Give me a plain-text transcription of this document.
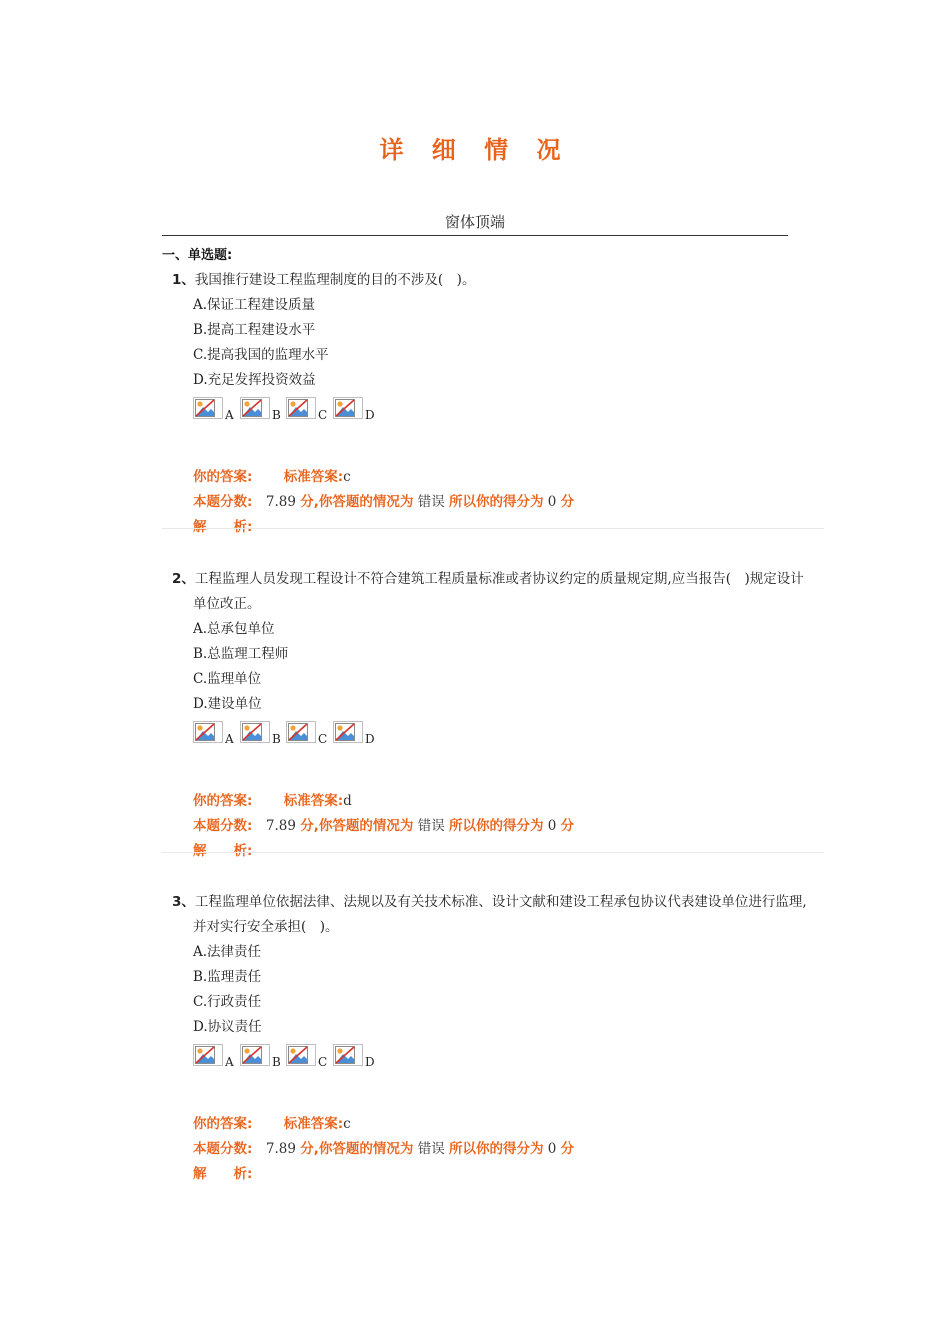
详 细 情 况
窗体顶端
一、单选题:
1、我国推行建设工程监理制度的目的不涉及(　)。
A.保证工程建设质量
B.提高工程建设水平
C.提高我国的监理水平
D.充足发挥投资效益
A	B	C	D
你的答案: 　　 标准答案:c
本题分数:　7.89 分,你答题的情况为 错误 所以你的得分为 0 分
解　　析:
2、工程监理人员发现工程设计不符合建筑工程质量标准或者协议约定的质量规定期,应当报告(　)规定设计单位改正。
A.总承包单位
B.总监理工程师
C.监理单位
D.建设单位
A	B	C	D
你的答案: 　　 标准答案:d
本题分数:　7.89 分,你答题的情况为 错误 所以你的得分为 0 分
解　　析:
3、工程监理单位依据法律、法规以及有关技术标准、设计文献和建设工程承包协议代表建设单位进行监理,并对实行安全承担(　)。
A.法律责任
B.监理责任
C.行政责任
D.协议责任
A	B	C	D
你的答案: 　　 标准答案:c
本题分数:　7.89 分,你答题的情况为 错误 所以你的得分为 0 分
解　　析:
